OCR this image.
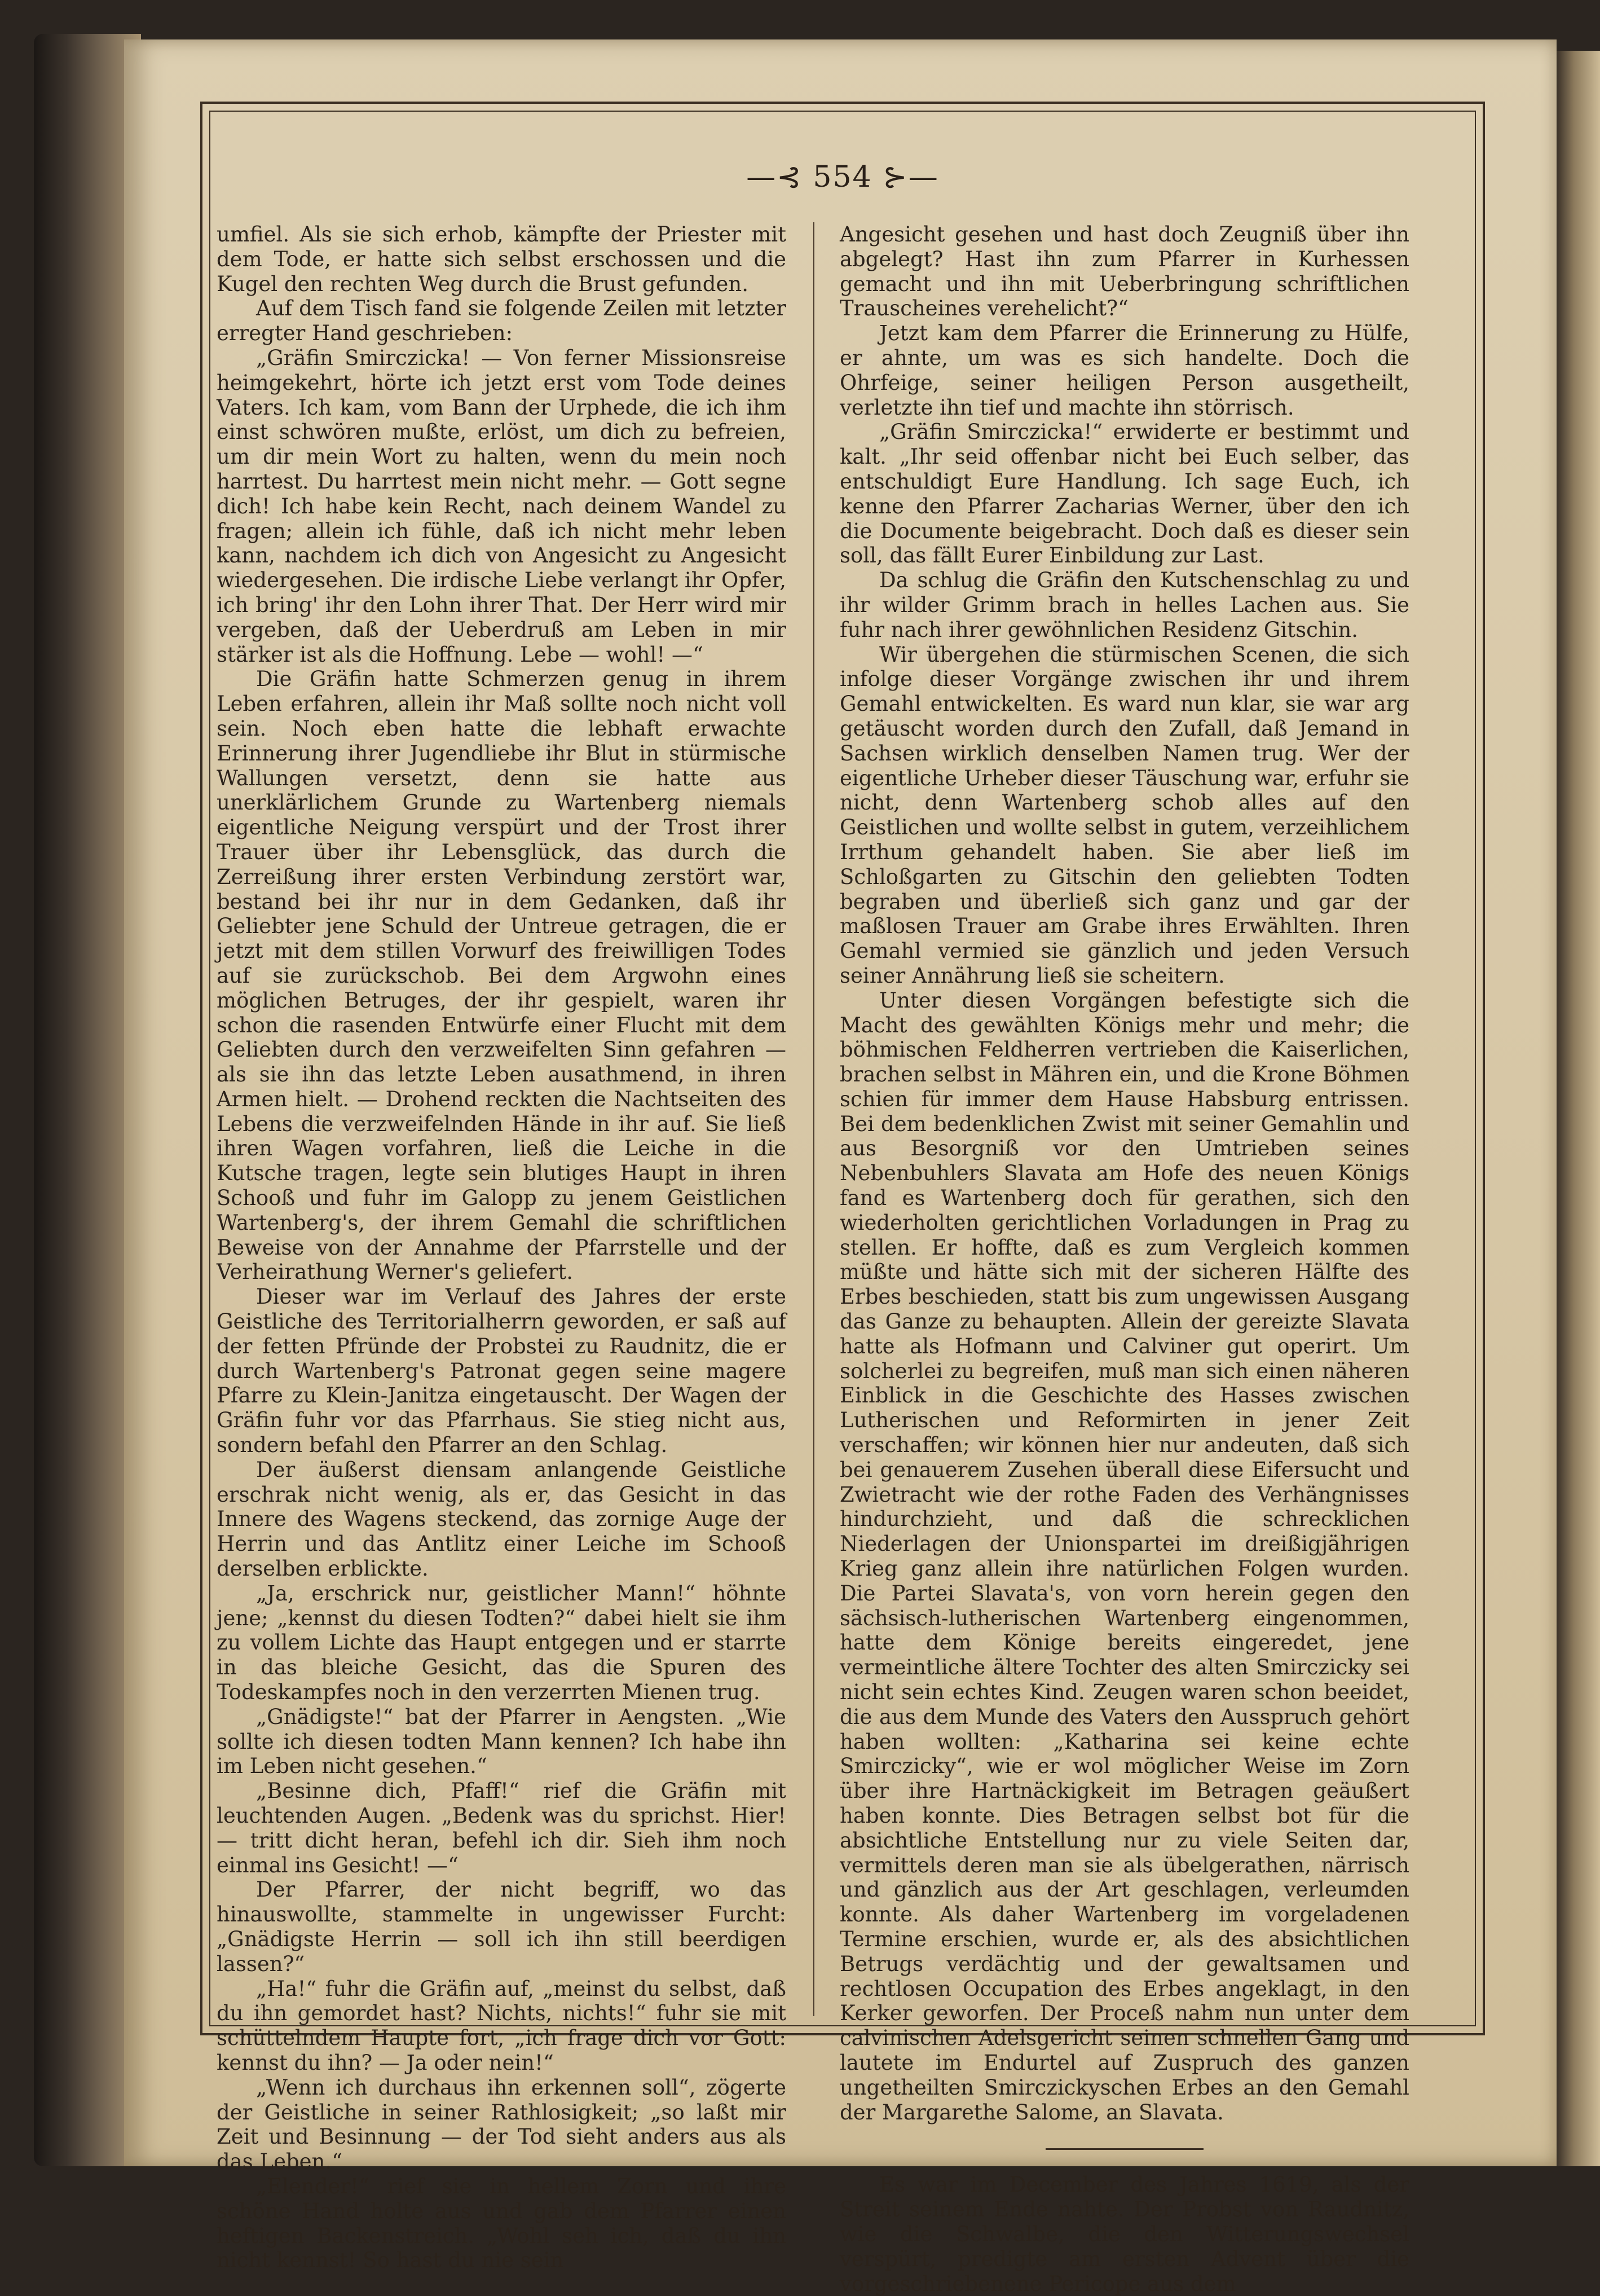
—⊰ 554 ⊱—

umfiel. Als sie sich erhob, kämpfte der Priester mit dem Tode, er hatte sich selbst erschossen und die Kugel den rechten Weg durch die Brust gefunden.

Auf dem Tisch fand sie folgende Zeilen mit letzter erregter Hand geschrieben:

„Gräfin Smirczicka! — Von ferner Missionsreise heimgekehrt, hörte ich jetzt erst vom Tode deines Vaters. Ich kam, vom Bann der Urphede, die ich ihm einst schwören mußte, erlöst, um dich zu befreien, um dir mein Wort zu halten, wenn du mein noch harrtest. Du harrtest mein nicht mehr. — Gott segne dich! Ich habe kein Recht, nach deinem Wandel zu fragen; allein ich fühle, daß ich nicht mehr leben kann, nachdem ich dich von Angesicht zu Angesicht wiedergesehen. Die irdische Liebe verlangt ihr Opfer, ich bring' ihr den Lohn ihrer That. Der Herr wird mir vergeben, daß der Ueberdruß am Leben in mir stärker ist als die Hoffnung. Lebe — wohl! —“

Die Gräfin hatte Schmerzen genug in ihrem Leben erfahren, allein ihr Maß sollte noch nicht voll sein. Noch eben hatte die lebhaft erwachte Erinnerung ihrer Jugendliebe ihr Blut in stürmische Wallungen versetzt, denn sie hatte aus unerklärlichem Grunde zu Wartenberg niemals eigentliche Neigung verspürt und der Trost ihrer Trauer über ihr Lebensglück, das durch die Zerreißung ihrer ersten Verbindung zerstört war, bestand bei ihr nur in dem Gedanken, daß ihr Geliebter jene Schuld der Untreue getragen, die er jetzt mit dem stillen Vorwurf des freiwilligen Todes auf sie zurückschob. Bei dem Argwohn eines möglichen Betruges, der ihr gespielt, waren ihr schon die rasenden Entwürfe einer Flucht mit dem Geliebten durch den verzweifelten Sinn gefahren — als sie ihn das letzte Leben ausathmend, in ihren Armen hielt. — Drohend reckten die Nachtseiten des Lebens die verzweifelnden Hände in ihr auf. Sie ließ ihren Wagen vorfahren, ließ die Leiche in die Kutsche tragen, legte sein blutiges Haupt in ihren Schooß und fuhr im Galopp zu jenem Geistlichen Wartenberg's, der ihrem Gemahl die schriftlichen Beweise von der Annahme der Pfarrstelle und der Verheirathung Werner's geliefert.

Dieser war im Verlauf des Jahres der erste Geistliche des Territorialherrn geworden, er saß auf der fetten Pfründe der Probstei zu Raudnitz, die er durch Wartenberg's Patronat gegen seine magere Pfarre zu Klein-Janitza eingetauscht. Der Wagen der Gräfin fuhr vor das Pfarrhaus. Sie stieg nicht aus, sondern befahl den Pfarrer an den Schlag.

Der äußerst diensam anlangende Geistliche erschrak nicht wenig, als er, das Gesicht in das Innere des Wagens steckend, das zornige Auge der Herrin und das Antlitz einer Leiche im Schooß derselben erblickte.

„Ja, erschrick nur, geistlicher Mann!“ höhnte jene; „kennst du diesen Todten?“ dabei hielt sie ihm zu vollem Lichte das Haupt entgegen und er starrte in das bleiche Gesicht, das die Spuren des Todeskampfes noch in den verzerrten Mienen trug.

„Gnädigste!“ bat der Pfarrer in Aengsten. „Wie sollte ich diesen todten Mann kennen? Ich habe ihn im Leben nicht gesehen.“

„Besinne dich, Pfaff!“ rief die Gräfin mit leuchtenden Augen. „Bedenk was du sprichst. Hier! — tritt dicht heran, befehl ich dir. Sieh ihm noch einmal ins Gesicht! —“

Der Pfarrer, der nicht begriff, wo das hinauswollte, stammelte in ungewisser Furcht: „Gnädigste Herrin — soll ich ihn still beerdigen lassen?“

„Ha!“ fuhr die Gräfin auf, „meinst du selbst, daß du ihn gemordet hast? Nichts, nichts!“ fuhr sie mit schüttelndem Haupte fort, „ich frage dich vor Gott: kennst du ihn? — Ja oder nein!“

„Wenn ich durchaus ihn erkennen soll“, zögerte der Geistliche in seiner Rathlosigkeit; „so laßt mir Zeit und Besinnung — der Tod sieht anders aus als das Leben.“

„Elender!“ rief sie in hellem Zorn und ihre schöne Hand holte aus und gab dem Pfarrer einen heftigen Backenstreich. „Wohl seh ich, daß du ihn nicht kennst! So hast du nie sein

Angesicht gesehen und hast doch Zeugniß über ihn abgelegt? Hast ihn zum Pfarrer in Kurhessen gemacht und ihn mit Ueberbringung schriftlichen Trauscheines verehelicht?“

Jetzt kam dem Pfarrer die Erinnerung zu Hülfe, er ahnte, um was es sich handelte. Doch die Ohrfeige, seiner heiligen Person ausgetheilt, verletzte ihn tief und machte ihn störrisch.

„Gräfin Smirczicka!“ erwiderte er bestimmt und kalt. „Ihr seid offenbar nicht bei Euch selber, das entschuldigt Eure Handlung. Ich sage Euch, ich kenne den Pfarrer Zacharias Werner, über den ich die Documente beigebracht. Doch daß es dieser sein soll, das fällt Eurer Einbildung zur Last.

Da schlug die Gräfin den Kutschenschlag zu und ihr wilder Grimm brach in helles Lachen aus. Sie fuhr nach ihrer gewöhnlichen Residenz Gitschin.

Wir übergehen die stürmischen Scenen, die sich infolge dieser Vorgänge zwischen ihr und ihrem Gemahl entwickelten. Es ward nun klar, sie war arg getäuscht worden durch den Zufall, daß Jemand in Sachsen wirklich denselben Namen trug. Wer der eigentliche Urheber dieser Täuschung war, erfuhr sie nicht, denn Wartenberg schob alles auf den Geistlichen und wollte selbst in gutem, verzeihlichem Irrthum gehandelt haben. Sie aber ließ im Schloßgarten zu Gitschin den geliebten Todten begraben und überließ sich ganz und gar der maßlosen Trauer am Grabe ihres Erwählten. Ihren Gemahl vermied sie gänzlich und jeden Versuch seiner Annährung ließ sie scheitern.

Unter diesen Vorgängen befestigte sich die Macht des gewählten Königs mehr und mehr; die böhmischen Feldherren vertrieben die Kaiserlichen, brachen selbst in Mähren ein, und die Krone Böhmen schien für immer dem Hause Habsburg entrissen. Bei dem bedenklichen Zwist mit seiner Gemahlin und aus Besorgniß vor den Umtrieben seines Nebenbuhlers Slavata am Hofe des neuen Königs fand es Wartenberg doch für gerathen, sich den wiederholten gerichtlichen Vorladungen in Prag zu stellen. Er hoffte, daß es zum Vergleich kommen müßte und hätte sich mit der sicheren Hälfte des Erbes beschieden, statt bis zum ungewissen Ausgang das Ganze zu behaupten. Allein der gereizte Slavata hatte als Hofmann und Calviner gut operirt. Um solcherlei zu begreifen, muß man sich einen näheren Einblick in die Geschichte des Hasses zwischen Lutherischen und Reformirten in jener Zeit verschaffen; wir können hier nur andeuten, daß sich bei genauerem Zusehen überall diese Eifersucht und Zwietracht wie der rothe Faden des Verhängnisses hindurchzieht, und daß die schrecklichen Niederlagen der Unionspartei im dreißigjährigen Krieg ganz allein ihre natürlichen Folgen wurden. Die Partei Slavata's, von vorn herein gegen den sächsisch-lutherischen Wartenberg eingenommen, hatte dem Könige bereits eingeredet, jene vermeintliche ältere Tochter des alten Smirczicky sei nicht sein echtes Kind. Zeugen waren schon beeidet, die aus dem Munde des Vaters den Ausspruch gehört haben wollten: „Katharina sei keine echte Smirczicky“, wie er wol möglicher Weise im Zorn über ihre Hartnäckigkeit im Betragen geäußert haben konnte. Dies Betragen selbst bot für die absichtliche Entstellung nur zu viele Seiten dar, vermittels deren man sie als übelgerathen, närrisch und gänzlich aus der Art geschlagen, verleumden konnte. Als daher Wartenberg im vorgeladenen Termine erschien, wurde er, als des absichtlichen Betrugs verdächtig und der gewaltsamen und rechtlosen Occupation des Erbes angeklagt, in den Kerker geworfen. Der Proceß nahm nun unter dem calvinischen Adelsgericht seinen schnellen Gang und lautete im Endurtel auf Zuspruch des ganzen ungetheilten Smirczickyschen Erbes an den Gemahl der Margarethe Salome, an Slavata.

Es war im December des Jahres 1619, als der Streit seinem Ende nahte. Der Probst von Raudnitz, wie die Schwalbe, die den Witterungswechsel verspürt, predigte am ersten Advent über die vorgeschriebenene Pericope aus dem
